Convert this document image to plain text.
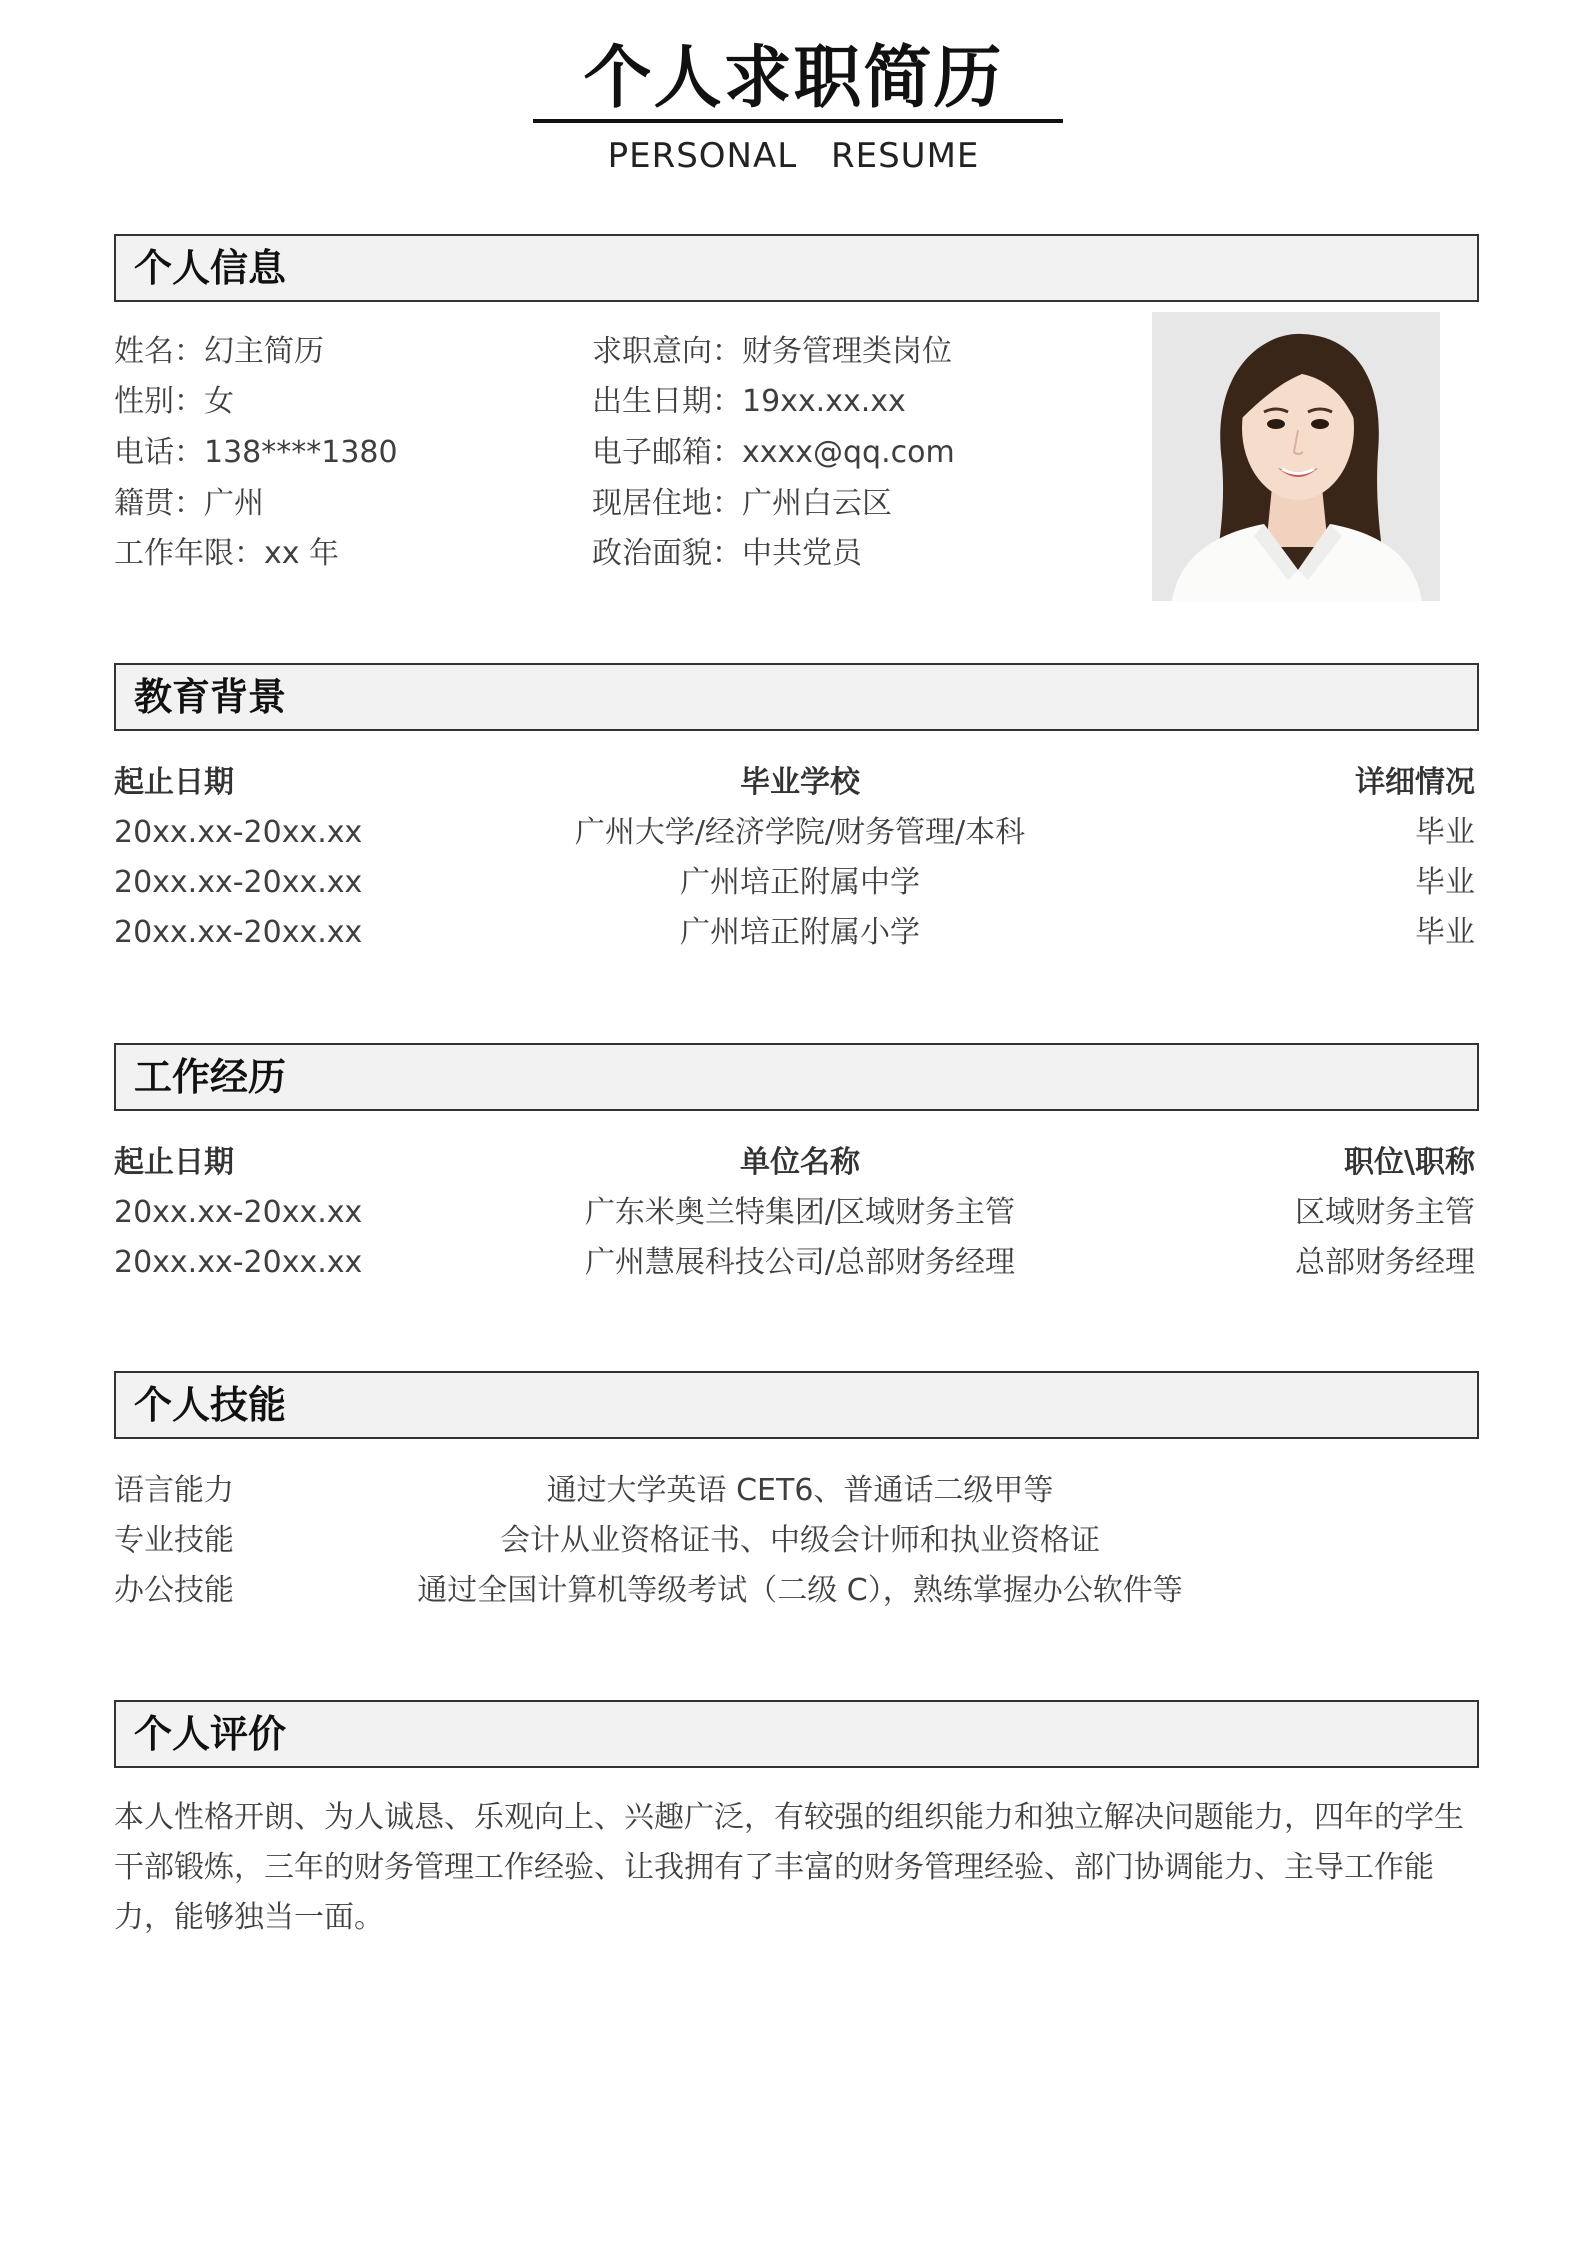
个人求职简历
PERSONAL RESUME
个人信息
姓名：幻主简历
性别：女
电话：138****1380
籍贯：广州
工作年限：xx 年
求职意向：财务管理类岗位
出生日期：19xx.xx.xx
电子邮箱：xxxx@qq.com
现居住地：广州白云区
政治面貌：中共党员
教育背景
起止日期	毕业学校	详细情况
20xx.xx-20xx.xx	广州大学/经济学院/财务管理/本科	毕业
20xx.xx-20xx.xx	广州培正附属中学	毕业
20xx.xx-20xx.xx	广州培正附属小学	毕业
工作经历
起止日期	单位名称	职位\职称
20xx.xx-20xx.xx	广东米奥兰特集团/区域财务主管	区域财务主管
20xx.xx-20xx.xx	广州慧展科技公司/总部财务经理	总部财务经理
个人技能
语言能力	通过大学英语 CET6、普通话二级甲等
专业技能	会计从业资格证书、中级会计师和执业资格证
办公技能	通过全国计算机等级考试（二级 C），熟练掌握办公软件等
个人评价

本人性格开朗、为人诚恳、乐观向上、兴趣广泛，有较强的组织能力和独立解决问题能力，四年的学生干部锻炼，三年的财务管理工作经验、让我拥有了丰富的财务管理经验、部门协调能力、主导工作能力，能够独当一面。
